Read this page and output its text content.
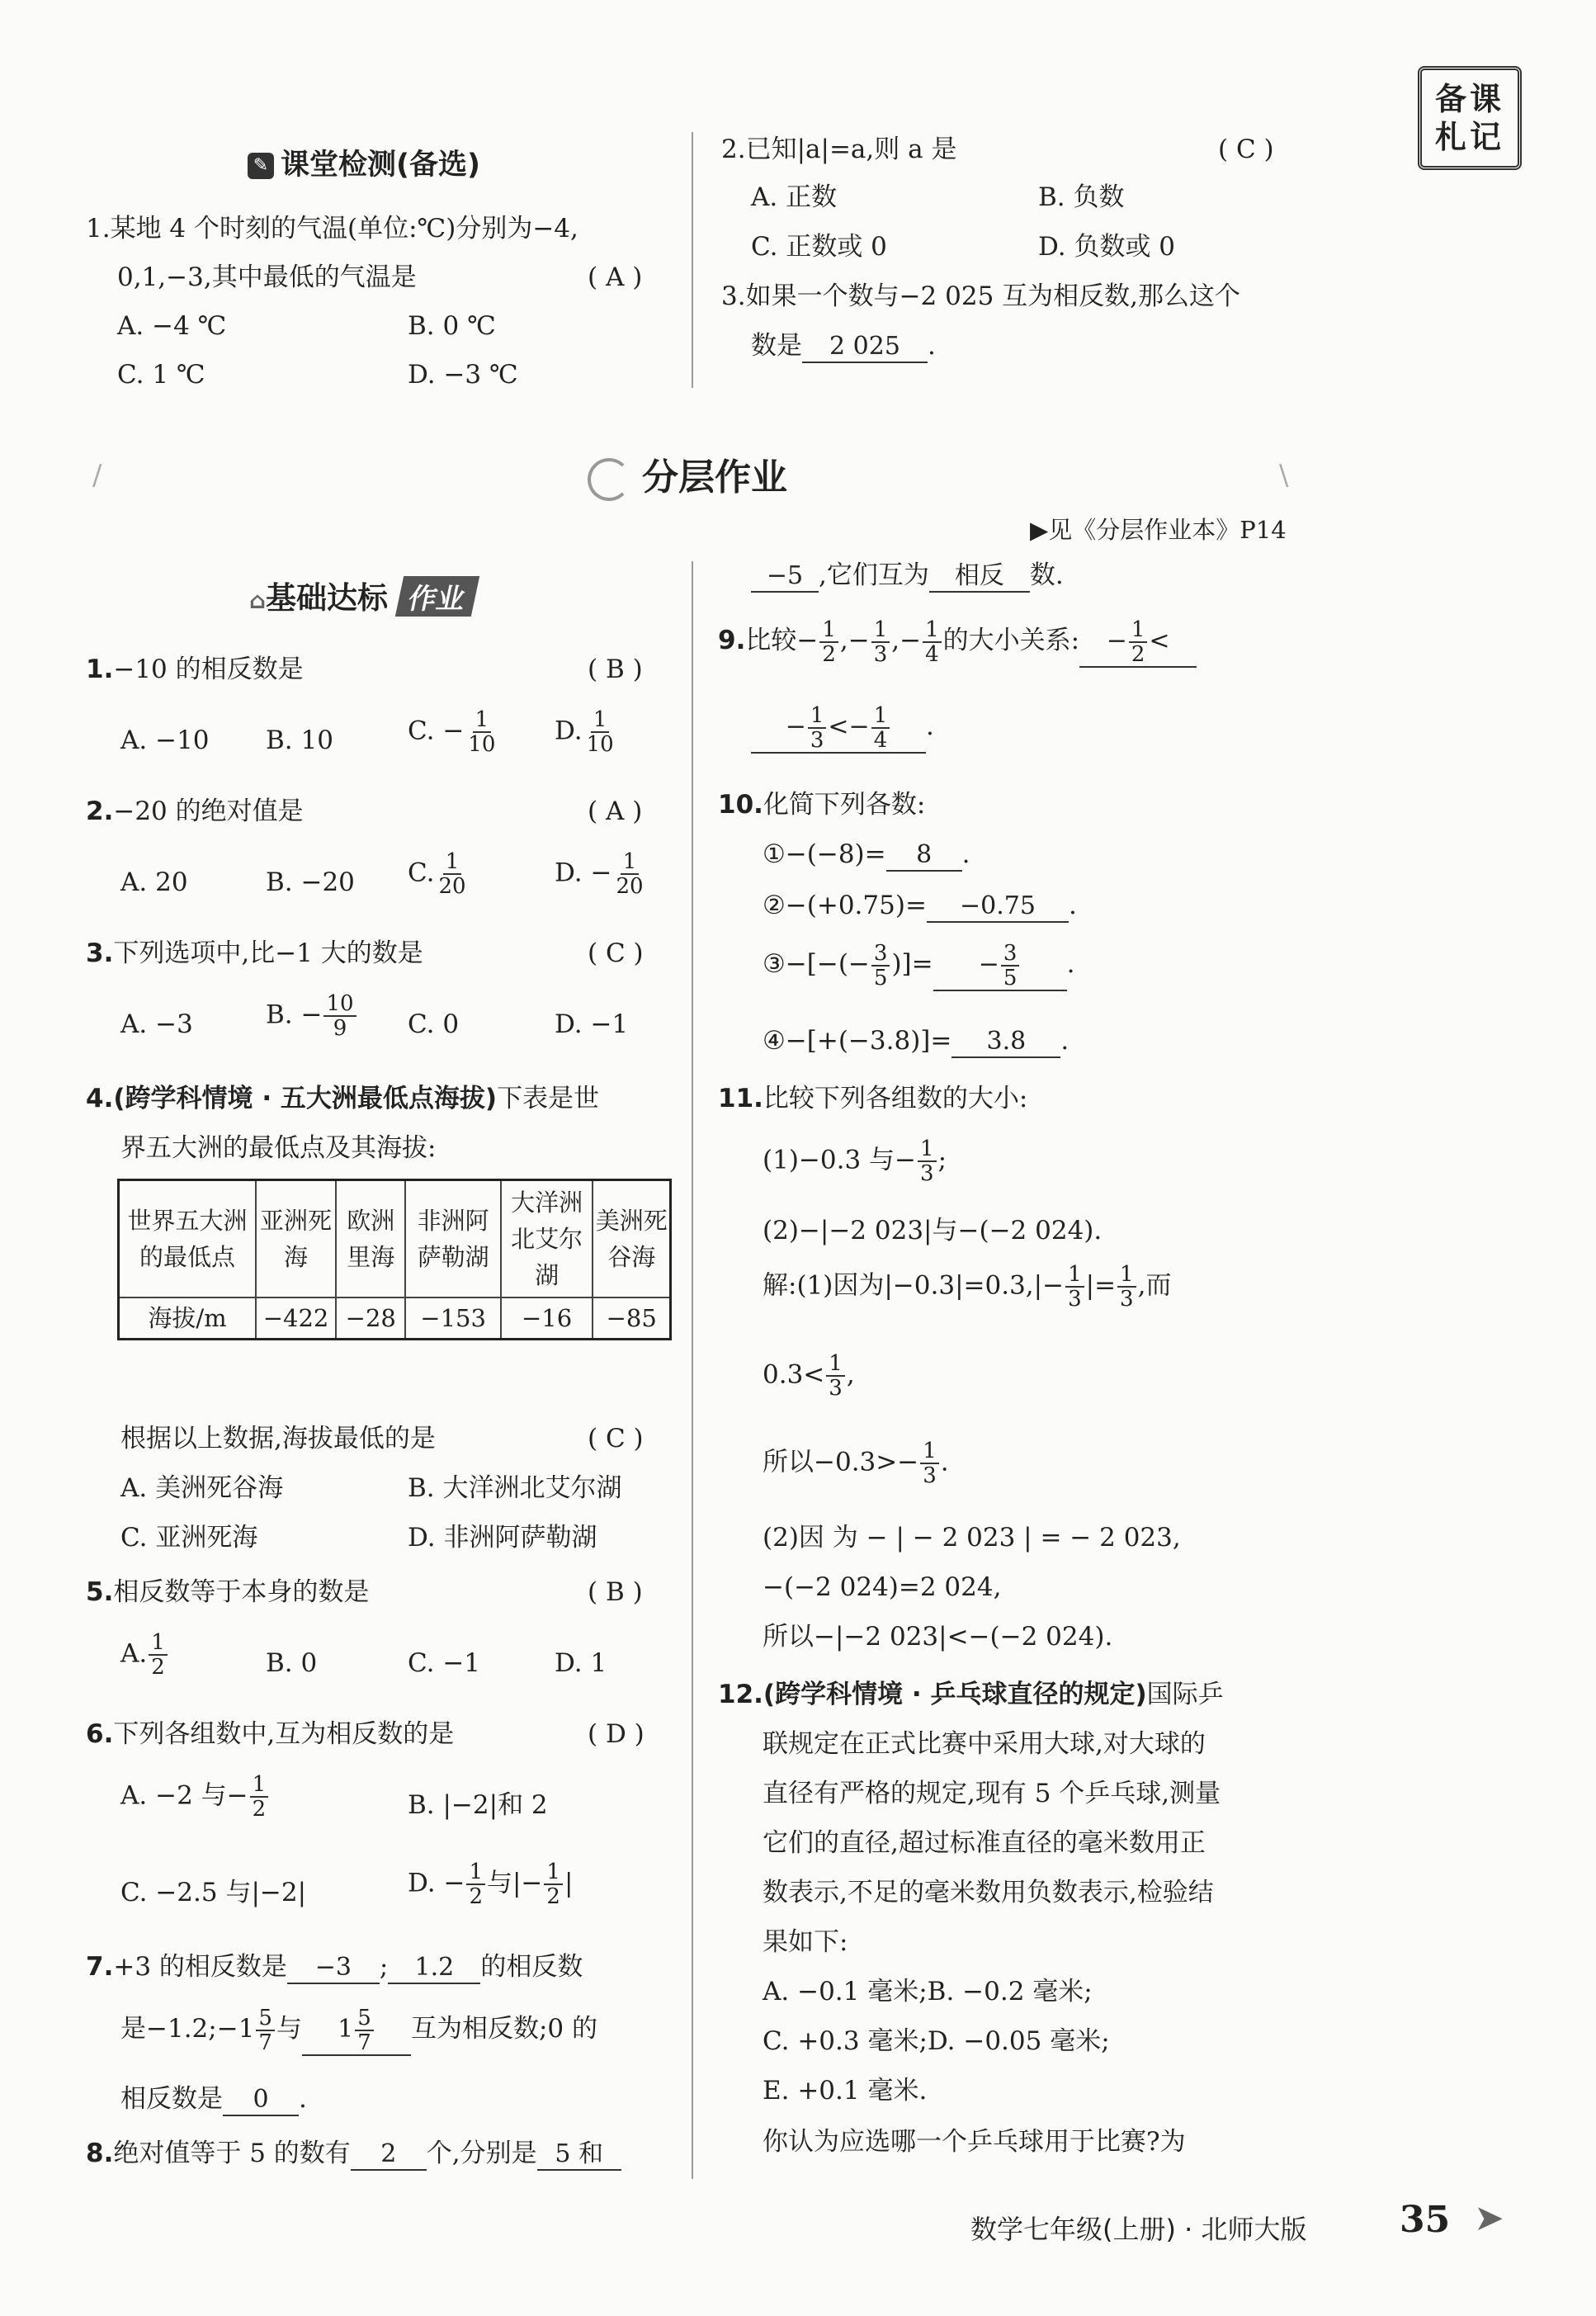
备课
札记
✎ 课堂检测(备选)
1.某地 4 个时刻的气温(单位:℃)分别为−4,
0,1,−3,其中最低的气温是	( A )
A. −4 ℃	B. 0 ℃
C. 1 ℃	D. −3 ℃
2.已知|a|=a,则 a 是	( C )
A. 正数	B. 负数
C. 正数或 0	D. 负数或 0
3.如果一个数与−2 025 互为相反数,那么这个
数是 2 025 .
/	\
分层作业
▶见《分层作业本》P14
⌂基础达标 作业
1.−10 的相反数是	( B )
A. −10 B. 10	C. − $\frac{1}{10} D$. $\frac{1}{10}$
2.−20 的绝对值是	( A )
A. 20	B. −20 C. $\frac{1}{20}$	D. − $\frac{1}{20}$
3.下列选项中,比−1 大的数是	( C )
A. −3	B. − $\frac{10}{9} C$. 0	D. −1
4.(跨学科情境 · 五大洲最低点海拔)下表是世
界五大洲的最低点及其海拔:
世界五大洲的最低点	亚洲死海	欧洲里海	非洲阿萨勒湖	大洋洲北艾尔湖	美洲死谷海
海拔/m	−422	−28	−153	−16	−85
根据以上数据,海拔最低的是	( C )
A. 美洲死谷海	B. 大洋洲北艾尔湖
C. 亚洲死海	D. 非洲阿萨勒湖
5.相反数等于本身的数是	( B )
A. $\frac{1}{2}$	B. 0	C. −1	D. 1
6.下列各组数中,互为相反数的是	( D )
A. −2 与− $\frac{1}{2}$	B. |−2|和 2
C. −2.5 与|−2|	D. − $\frac{1}{2}$ 与|− $\frac{1}{2}$ |
7.+3 的相反数是 −3 ; 1.2 的相反数
是−1.2;−1 $\frac{5}{7}$ 与 $1 \frac{5}{7}$ 互为相反数;0 的
相反数是 0 .
8.绝对值等于 5 的数有 2 个,分别是 5 和
−5 ,它们互为 相反 数.
9.比较− $\frac{1}{2}$ ,− $\frac{1}{3}$ ,− $\frac{1}{4}$ 的大小关系: − $\frac{1}{2}$ <
− $\frac{1}{3} <- \frac{1}{4}$ .
10.化简下列各数:
①−(−8)= 8 .
②−(+0.75)= −0.75 .
③−[−(− $\frac{3}{5}$ )]= − $\frac{3}{5}$ .
④−[+(−3.8)]= 3.8 .
11.比较下列各组数的大小:
(1)−0.3 与− $\frac{1}{3}$ ;
(2)−|−2 023|与−(−2 024).
解:(1)因为$|-0.3|=0.3,|- \frac{1}{3}$ |= $\frac{1}{3}$ ,而
$0.3< \frac{1}{3}$ ,
所以$-0.3>- \frac{1}{3}$ .
(2)因 为 − | − 2 023 | = − 2 023,
−(−2 024)=2 024,
所以−|−2 023|<−(−2 024).
12.(跨学科情境 · 乒乓球直径的规定)国际乒
联规定在正式比赛中采用大球,对大球的
直径有严格的规定,现有 5 个乒乓球,测量
它们的直径,超过标准直径的毫米数用正
数表示,不足的毫米数用负数表示,检验结
果如下:
A. −0.1 毫米;B. −0.2 毫米;
C. +0.3 毫米;D. −0.05 毫米;
E. +0.1 毫米.
你认为应选哪一个乒乓球用于比赛?为
数学七年级(上册) · 北师大版	35 ➤
